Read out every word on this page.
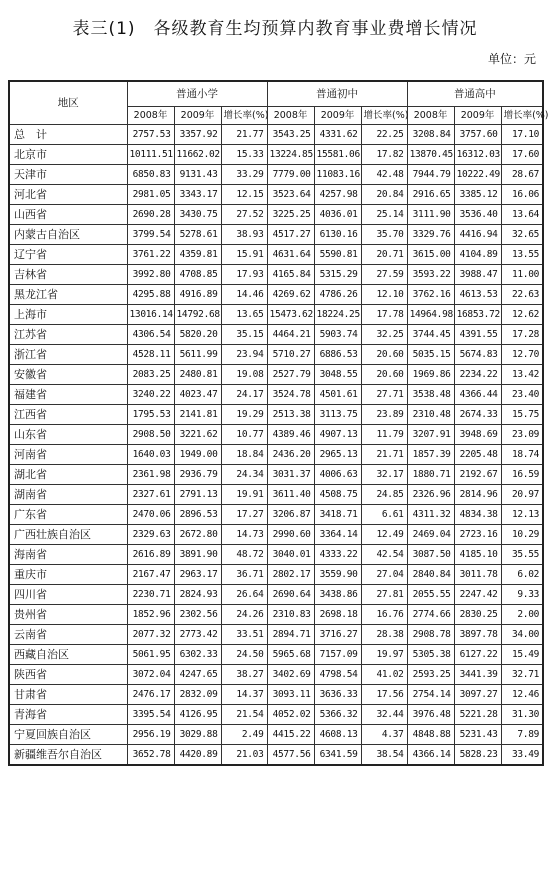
表三(1)　各级教育生均预算内教育事业费增长情况
单位：元
地区	普通小学			普通初中			普通高中		
	2008年	2009年	增长率(%)	2008年	2009年	增长率(%)	2008年	2009年	增长率(%)
总　计	2757.53	3357.92	21.77	3543.25	4331.62	22.25	3208.84	3757.60	17.10
北京市	10111.51	11662.02	15.33	13224.85	15581.06	17.82	13870.45	16312.03	17.60
天津市	6850.83	9131.43	33.29	7779.00	11083.16	42.48	7944.79	10222.49	28.67
河北省	2981.05	3343.17	12.15	3523.64	4257.98	20.84	2916.65	3385.12	16.06
山西省	2690.28	3430.75	27.52	3225.25	4036.01	25.14	3111.90	3536.40	13.64
内蒙古自治区	3799.54	5278.61	38.93	4517.27	6130.16	35.70	3329.76	4416.94	32.65
辽宁省	3761.22	4359.81	15.91	4631.64	5590.81	20.71	3615.00	4104.89	13.55
吉林省	3992.80	4708.85	17.93	4165.84	5315.29	27.59	3593.22	3988.47	11.00
黑龙江省	4295.88	4916.89	14.46	4269.62	4786.26	12.10	3762.16	4613.53	22.63
上海市	13016.14	14792.68	13.65	15473.62	18224.25	17.78	14964.98	16853.72	12.62
江苏省	4306.54	5820.20	35.15	4464.21	5903.74	32.25	3744.45	4391.55	17.28
浙江省	4528.11	5611.99	23.94	5710.27	6886.53	20.60	5035.15	5674.83	12.70
安徽省	2083.25	2480.81	19.08	2527.79	3048.55	20.60	1969.86	2234.22	13.42
福建省	3240.22	4023.47	24.17	3524.78	4501.61	27.71	3538.48	4366.44	23.40
江西省	1795.53	2141.81	19.29	2513.38	3113.75	23.89	2310.48	2674.33	15.75
山东省	2908.50	3221.62	10.77	4389.46	4907.13	11.79	3207.91	3948.69	23.09
河南省	1640.03	1949.00	18.84	2436.20	2965.13	21.71	1857.39	2205.48	18.74
湖北省	2361.98	2936.79	24.34	3031.37	4006.63	32.17	1880.71	2192.67	16.59
湖南省	2327.61	2791.13	19.91	3611.40	4508.75	24.85	2326.96	2814.96	20.97
广东省	2470.06	2896.53	17.27	3206.87	3418.71	6.61	4311.32	4834.38	12.13
广西壮族自治区	2329.63	2672.80	14.73	2990.60	3364.14	12.49	2469.04	2723.16	10.29
海南省	2616.89	3891.90	48.72	3040.01	4333.22	42.54	3087.50	4185.10	35.55
重庆市	2167.47	2963.17	36.71	2802.17	3559.90	27.04	2840.84	3011.78	6.02
四川省	2230.71	2824.93	26.64	2690.64	3438.86	27.81	2055.55	2247.42	9.33
贵州省	1852.96	2302.56	24.26	2310.83	2698.18	16.76	2774.66	2830.25	2.00
云南省	2077.32	2773.42	33.51	2894.71	3716.27	28.38	2908.78	3897.78	34.00
西藏自治区	5061.95	6302.33	24.50	5965.68	7157.09	19.97	5305.38	6127.22	15.49
陕西省	3072.04	4247.65	38.27	3402.69	4798.54	41.02	2593.25	3441.39	32.71
甘肃省	2476.17	2832.09	14.37	3093.11	3636.33	17.56	2754.14	3097.27	12.46
青海省	3395.54	4126.95	21.54	4052.02	5366.32	32.44	3976.48	5221.28	31.30
宁夏回族自治区	2956.19	3029.88	2.49	4415.22	4608.13	4.37	4848.88	5231.43	7.89
新疆维吾尔自治区	3652.78	4420.89	21.03	4577.56	6341.59	38.54	4366.14	5828.23	33.49
